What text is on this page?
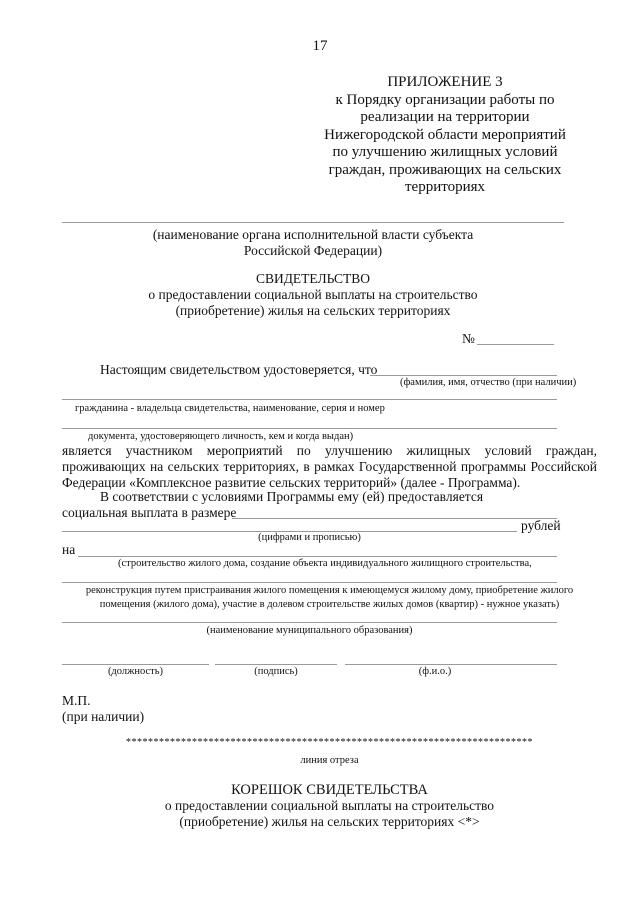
17
ПРИЛОЖЕНИЕ 3
к Порядку организации работы по
реализации на территории
Нижегородской области мероприятий
по улучшению жилищных условий
граждан, проживающих на сельских
территориях
(наименование органа исполнительной власти субъекта
Российской Федерации)
СВИДЕТЕЛЬСТВО
о предоставлении социальной выплаты на строительство
(приобретение) жилья на сельских территориях
№
Настоящим свидетельством удостоверяется, что
(фамилия, имя, отчество (при наличии)
гражданина - владельца свидетельства, наименование, серия и номер
документа, удостоверяющего личность, кем и когда выдан)
является участником мероприятий по улучшению жилищных условий граждан, проживающих на сельских территориях, в рамках Государственной программы Российской Федерации «Комплексное развитие сельских территорий» (далее - Программа).
В соответствии с условиями Программы ему (ей) предоставляется
социальная выплата в размере
рублей
(цифрами и прописью)
на
(строительство жилого дома, создание объекта индивидуального жилищного строительства,
реконструкция путем пристраивания жилого помещения к имеющемуся жилому дому, приобретение жилого
помещения (жилого дома), участие в долевом строительстве жилых домов (квартир) - нужное указать)
(наименование муниципального образования)
(должность)	(подпись)	(ф.и.о.)
М.П.
(при наличии)
**************************************************************************
линия отреза
КОРЕШОК СВИДЕТЕЛЬСТВА
о предоставлении социальной выплаты на строительство
(приобретение) жилья на сельских территориях <*>
